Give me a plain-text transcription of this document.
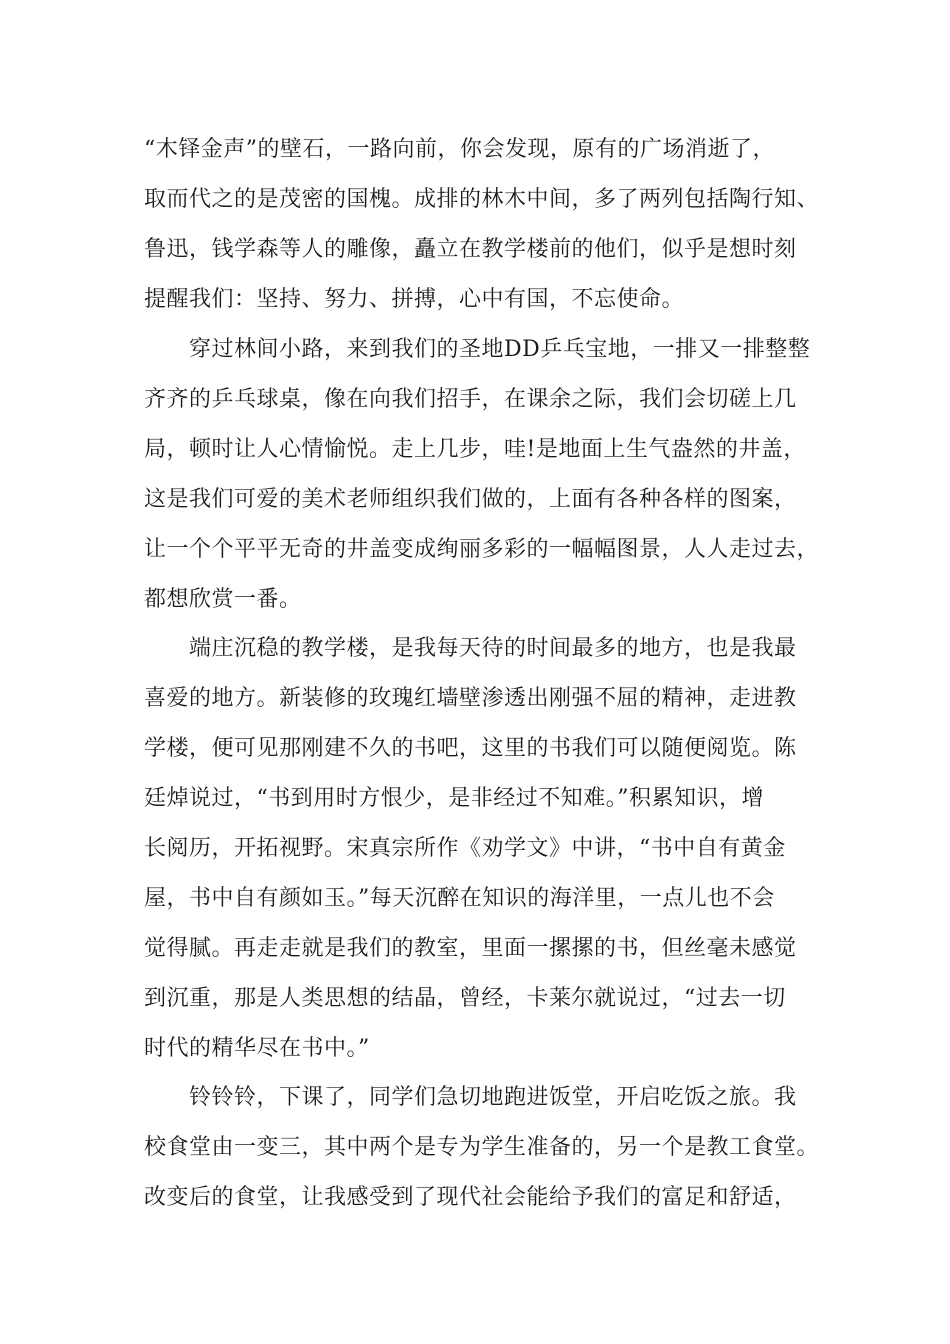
“木铎金声”的壁石，一路向前，你会发现，原有的广场消逝了，
取而代之的是茂密的国槐。成排的林木中间，多了两列包括陶行知、
鲁迅，钱学森等人的雕像，矗立在教学楼前的他们，似乎是想时刻
提醒我们：坚持、努力、拼搏，心中有国，不忘使命。
穿过林间小路，来到我们的圣地DD乒乓宝地，一排又一排整整
齐齐的乒乓球桌，像在向我们招手，在课余之际，我们会切磋上几
局，顿时让人心情愉悦。走上几步，哇!是地面上生气盎然的井盖，
这是我们可爱的美术老师组织我们做的，上面有各种各样的图案，
让一个个平平无奇的井盖变成绚丽多彩的一幅幅图景，人人走过去，
都想欣赏一番。
端庄沉稳的教学楼，是我每天待的时间最多的地方，也是我最
喜爱的地方。新装修的玫瑰红墙壁渗透出刚强不屈的精神，走进教
学楼，便可见那刚建不久的书吧，这里的书我们可以随便阅览。陈
廷焯说过，“书到用时方恨少，是非经过不知难。”积累知识，增
长阅历，开拓视野。宋真宗所作《劝学文》中讲，“书中自有黄金
屋，书中自有颜如玉。”每天沉醉在知识的海洋里，一点儿也不会
觉得腻。再走走就是我们的教室，里面一摞摞的书，但丝毫未感觉
到沉重，那是人类思想的结晶，曾经，卡莱尔就说过，“过去一切
时代的精华尽在书中。”
铃铃铃，下课了，同学们急切地跑进饭堂，开启吃饭之旅。我
校食堂由一变三，其中两个是专为学生准备的，另一个是教工食堂。
改变后的食堂，让我感受到了现代社会能给予我们的富足和舒适，
